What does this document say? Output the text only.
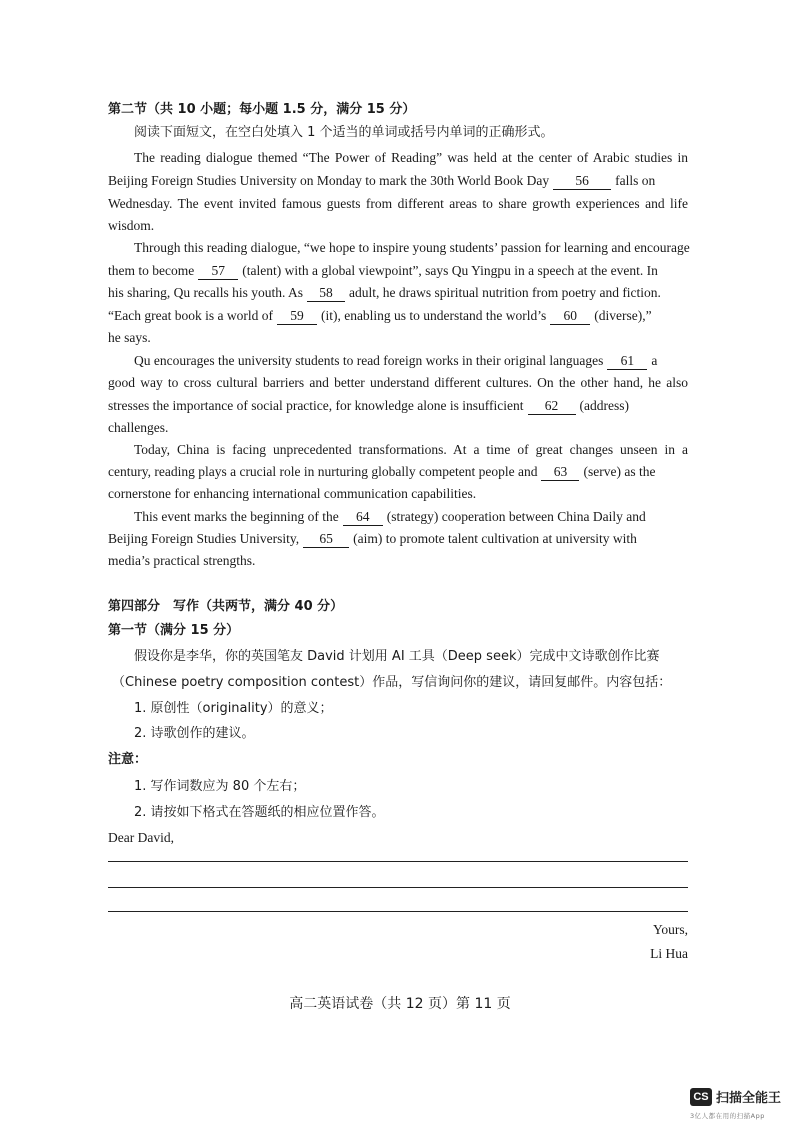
第二节（共 10 小题；每小题 1.5 分，满分 15 分）
阅读下面短文，在空白处填入 1 个适当的单词或括号内单词的正确形式。
The reading dialogue themed “The Power of Reading” was held at the center of Arabic studies in
Beijing Foreign Studies University on Monday to mark the 30th World Book Day 56 falls on
Wednesday. The event invited famous guests from different areas to share growth experiences and life
wisdom.
Through this reading dialogue, “we hope to inspire young students’ passion for learning and encourage
them to become 57 (talent) with a global viewpoint”, says Qu Yingpu in a speech at the event. In
his sharing, Qu recalls his youth. As 58 adult, he draws spiritual nutrition from poetry and fiction.
“Each great book is a world of 59 (it), enabling us to understand the world’s 60 (diverse),”
he says.
Qu encourages the university students to read foreign works in their original languages 61 a
good way to cross cultural barriers and better understand different cultures. On the other hand, he also
stresses the importance of social practice, for knowledge alone is insufficient 62 (address)
challenges.
Today, China is facing unprecedented transformations. At a time of great changes unseen in a
century, reading plays a crucial role in nurturing globally competent people and 63 (serve) as the
cornerstone for enhancing international communication capabilities.
This event marks the beginning of the 64 (strategy) cooperation between China Daily and
Beijing Foreign Studies University, 65 (aim) to promote talent cultivation at university with
media’s practical strengths.
第四部分　写作（共两节，满分 40 分）
第一节（满分 15 分）
假设你是李华，你的英国笔友 David 计划用 AI 工具（Deep seek）完成中文诗歌创作比赛
（Chinese poetry composition contest）作品，写信询问你的建议，请回复邮件。内容包括：
1. 原创性（originality）的意义；
2. 诗歌创作的建议。
注意：
1. 写作词数应为 80 个左右；
2. 请按如下格式在答题纸的相应位置作答。
Dear David,
Yours,
Li Hua
高二英语试卷（共 12 页）第 11 页
CS 扫描全能王
3亿人都在用的扫描App
